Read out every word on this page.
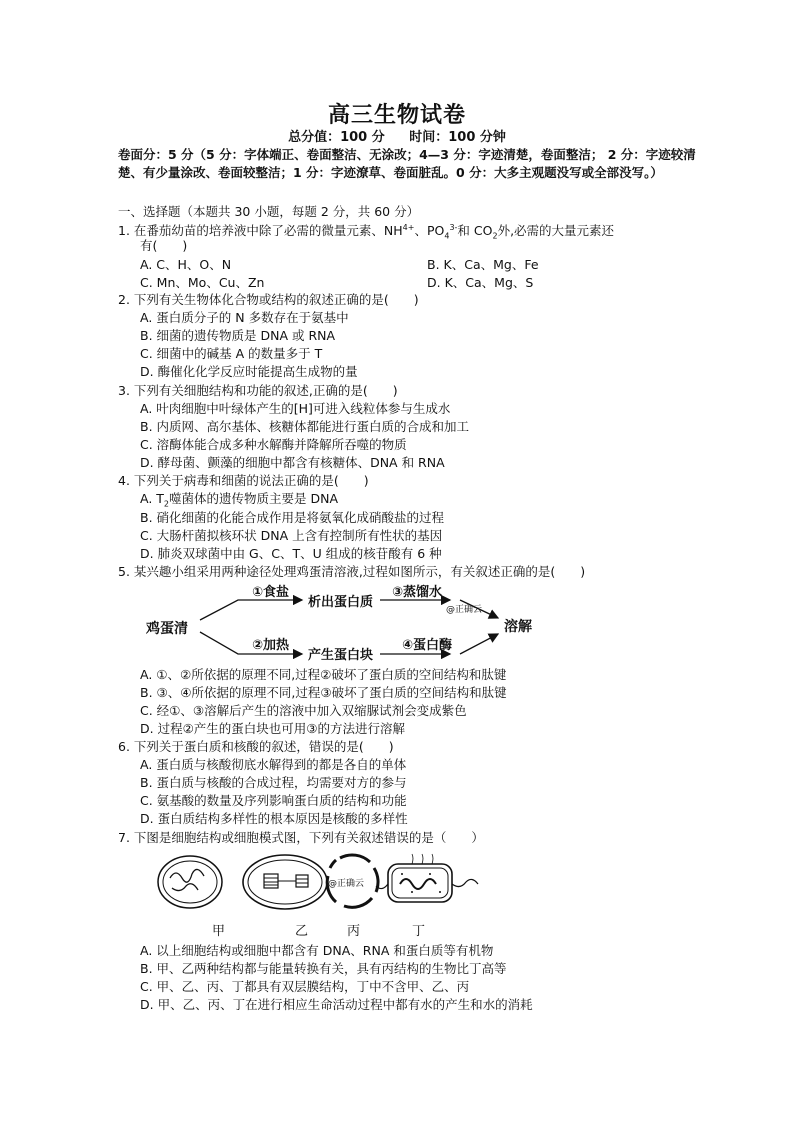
高三生物试卷
总分值：100 分 时间：100 分钟
卷面分：5 分（5 分：字体端正、卷面整洁、无涂改；4—3 分：字迹清楚，卷面整洁； 2 分：字迹较清楚、有少量涂改、卷面较整洁；1 分：字迹潦草、卷面脏乱。0 分：大多主观题没写或全部没写。）
一、选择题（本题共 30 小题，每题 2 分，共 60 分）
1. 在番茄幼苗的培养液中除了必需的微量元素、$NH^{4+}$、$PO_4^{3-}$和 $CO_2$外,必需的大量元素还
有(　　)
A. C、H、O、N	B. K、Ca、Mg、Fe
C. Mn、Mo、Cu、Zn	D. K、Ca、Mg、S
2. 下列有关生物体化合物或结构的叙述正确的是(　　)
A. 蛋白质分子的 N 多数存在于氨基中
B. 细菌的遗传物质是 DNA 或 RNA
C. 细菌中的碱基 A 的数量多于 T
D. 酶催化化学反应时能提高生成物的量
3. 下列有关细胞结构和功能的叙述,正确的是(　　)
A. 叶肉细胞中叶绿体产生的[H]可进入线粒体参与生成水
B. 内质网、高尔基体、核糖体都能进行蛋白质的合成和加工
C. 溶酶体能合成多种水解酶并降解所吞噬的物质
D. 酵母菌、颤藻的细胞中都含有核糖体、DNA 和 RNA
4. 下列关于病毒和细菌的说法正确的是(　　)
A. $T_2$噬菌体的遗传物质主要是 DNA
B. 硝化细菌的化能合成作用是将氨氧化成硝酸盐的过程
C. 大肠杆菌拟核环状 DNA 上含有控制所有性状的基因
D. 肺炎双球菌中由 G、C、T、U 组成的核苷酸有 6 种
5. 某兴趣小组采用两种途径处理鸡蛋清溶液,过程如图所示，有关叙述正确的是(　　)
鸡蛋清
①食盐
析出蛋白质
③蒸馏水
@正确云
溶解
②加热
产生蛋白块
④蛋白酶
A. ①、②所依据的原理不同,过程②破坏了蛋白质的空间结构和肽键
B. ③、④所依据的原理不同,过程③破坏了蛋白质的空间结构和肽键
C. 经①、③溶解后产生的溶液中加入双缩脲试剂会变成紫色
D. 过程②产生的蛋白块也可用③的方法进行溶解
6. 下列关于蛋白质和核酸的叙述，错误的是(　　)
A. 蛋白质与核酸彻底水解得到的都是各自的单体
B. 蛋白质与核酸的合成过程，均需要对方的参与
C. 氨基酸的数量及序列影响蛋白质的结构和功能
D. 蛋白质结构多样性的根本原因是核酸的多样性
7. 下图是细胞结构或细胞模式图，下列有关叙述错误的是（　　）
@正确云
甲	乙	丙	丁
A. 以上细胞结构或细胞中都含有 DNA、RNA 和蛋白质等有机物
B. 甲、乙两种结构都与能量转换有关，具有丙结构的生物比丁高等
C. 甲、乙、丙、丁都具有双层膜结构，丁中不含甲、乙、丙
D. 甲、乙、丙、丁在进行相应生命活动过程中都有水的产生和水的消耗
